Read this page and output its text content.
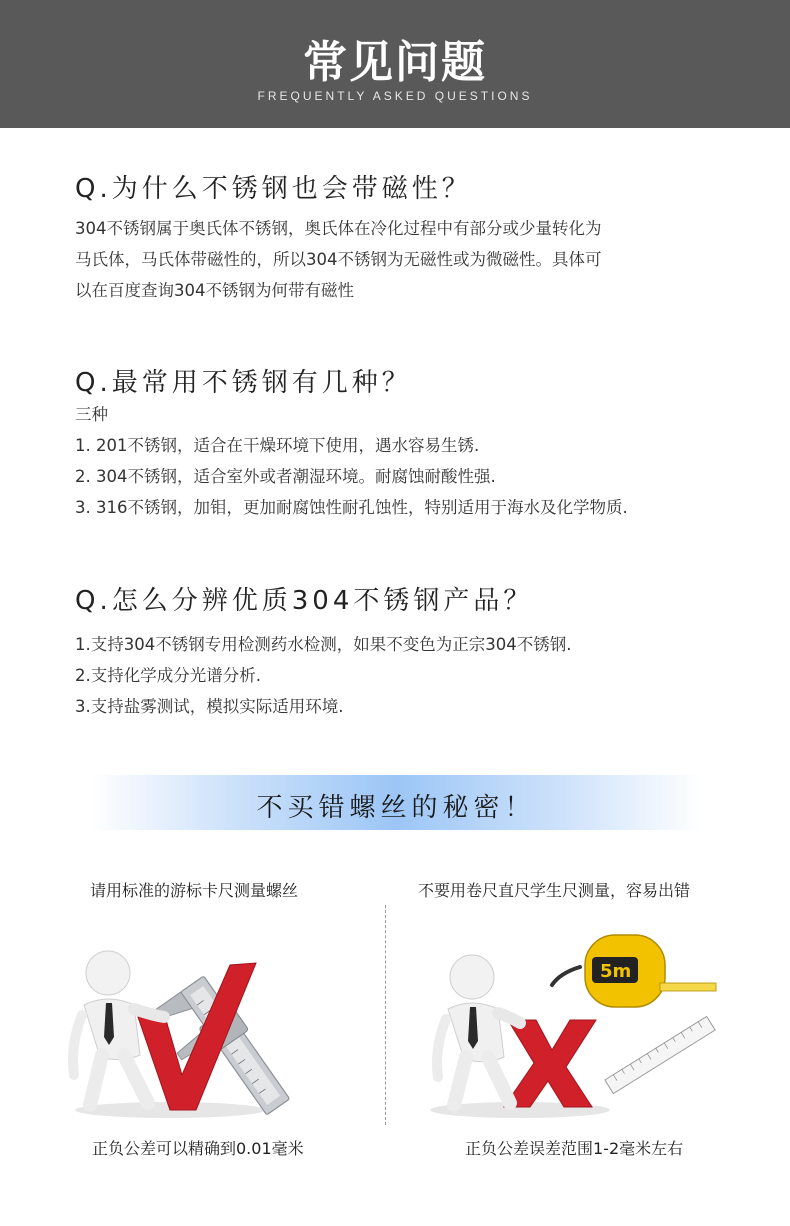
常见问题
FREQUENTLY ASKED QUESTIONS
Q.为什么不锈钢也会带磁性？
304不锈钢属于奥氏体不锈钢，奥氏体在冷化过程中有部分或少量转化为
马氏体，马氏体带磁性的，所以304不锈钢为无磁性或为微磁性。具体可
以在百度查询304不锈钢为何带有磁性
Q.最常用不锈钢有几种？
三种
1. 201不锈钢，适合在干燥环境下使用，遇水容易生锈.
2. 304不锈钢，适合室外或者潮湿环境。耐腐蚀耐酸性强.
3. 316不锈钢，加钼，更加耐腐蚀性耐孔蚀性，特别适用于海水及化学物质.
Q.怎么分辨优质304不锈钢产品？
1.支持304不锈钢专用检测药水检测，如果不变色为正宗304不锈钢.
2.支持化学成分光谱分析.
3.支持盐雾测试，模拟实际适用环境.
不买错螺丝的秘密！
请用标准的游标卡尺测量螺丝	不要用卷尺直尺学生尺测量，容易出错
5m
正负公差可以精确到0.01毫米	正负公差误差范围1-2毫米左右
